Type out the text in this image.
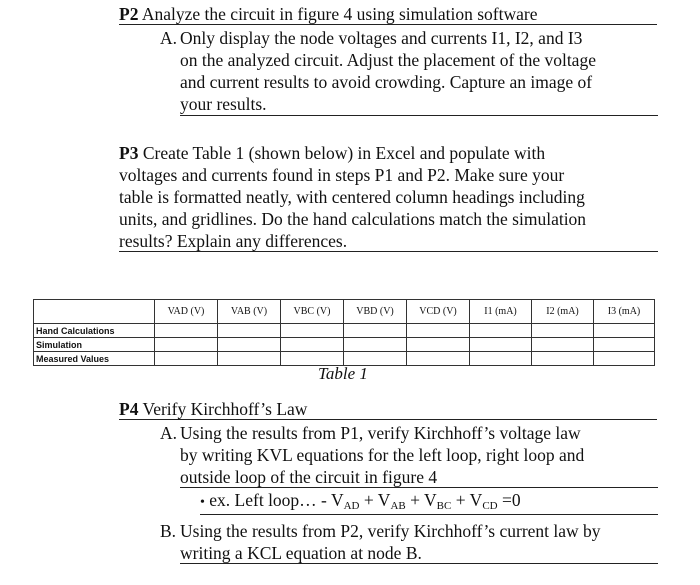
P2 Analyze the circuit in figure 4 using simulation software
A. Only display the node voltages and currents I1, I2, and I3
on the analyzed circuit. Adjust the placement of the voltage
and current results to avoid crowding. Capture an image of
your results.
P3 Create Table 1 (shown below) in Excel and populate with
voltages and currents found in steps P1 and P2. Make sure your
table is formatted neatly, with centered column headings including
units, and gridlines. Do the hand calculations match the simulation
results? Explain any differences.
	VAD (V)	VAB (V)	VBC (V)	VBD (V)	VCD (V)	I1 (mA)	I2 (mA)	I3 (mA)
Hand Calculations								
Simulation								
Measured Values								
Table 1
P4 Verify Kirchhoff’s Law
A. Using the results from P1, verify Kirchhoff’s voltage law
by writing KVL equations for the left loop, right loop and
outside loop of the circuit in figure 4
• ex. Left loop… - $V_{AD} + V_{AB} + V_{BC} + V_{CD} =0$
B. Using the results from P2, verify Kirchhoff’s current law by
writing a KCL equation at node B.
